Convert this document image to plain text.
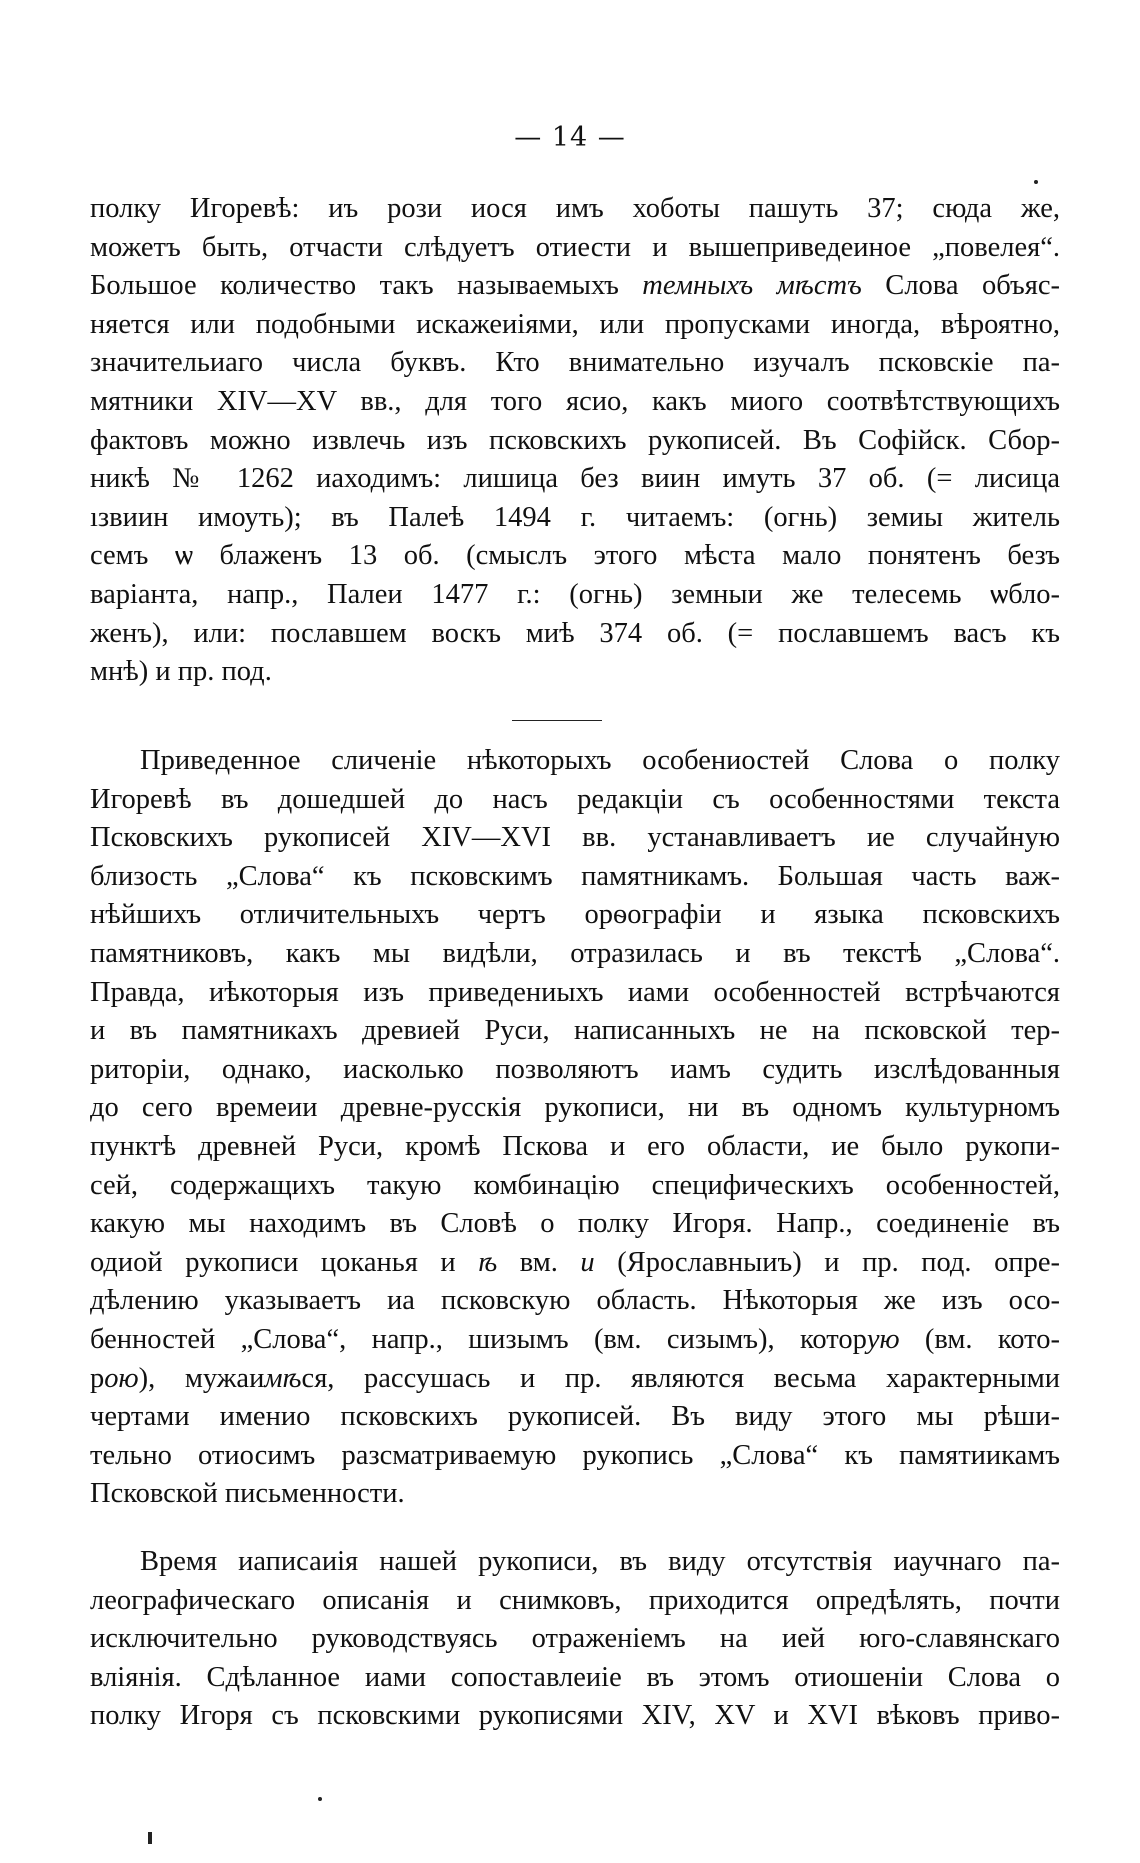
— 14 —
полку Игоревѣ: иъ рози иося имъ хоботы пашуть 37; сюда же,
можетъ быть, отчасти слѣдуетъ отиести и вышеприведеиное „повелея“.
Большое количество такъ называемыхъ темныхъ мѣстъ Слова объяс-
няется или подобными искажеиіями, или пропусками иногда, вѣроятно,
значительиаго числа буквъ. Кто внимательно изучалъ псковскіе па-
мятники XIV—XV вв., для того ясио, какъ миого соотвѣтствующихъ
фактовъ можно извлечь изъ псковскихъ рукописей. Въ Софійск. Сбор-
никѣ № 1262 иаходимъ: лишица без виин имуть 37 об. (= лисица
ıзвиин имоуть); въ Палеѣ 1494 г. читаемъ: (огнь) земиы житель
семъ ѡ блаженъ 13 об. (смыслъ этого мѣста мало понятенъ безъ
варіанта, напр., Палеи 1477 г.: (огнь) земныи же телесемь ѡбло-
женъ), или: пославшем воскъ миѣ 374 об. (= пославшемъ васъ къ
мнѣ) и пр. под.
Приведенное сличеніе нѣкоторыхъ особениостей Слова о полку
Игоревѣ въ дошедшей до насъ редакціи съ особенностями текста
Псковскихъ рукописей XIV—XVI вв. устанавливаетъ ие случайную
близость „Слова“ къ псковскимъ памятникамъ. Большая часть важ-
нѣйшихъ отличительныхъ чертъ орѳографіи и языка псковскихъ
памятниковъ, какъ мы видѣли, отразилась и въ текстѣ „Слова“.
Правда, иѣкоторыя изъ приведениыхъ иами особенностей встрѣчаются
и въ памятникахъ древией Руси, написанныхъ не на псковской тер-
риторіи, однако, иасколько позволяютъ иамъ судить изслѣдованныя
до сего времеии древне-русскія рукописи, ни въ одномъ культурномъ
пунктѣ древней Руси, кромѣ Пскова и его области, ие было рукопи-
сей, содержащихъ такую комбинацію специфическихъ особенностей,
какую мы находимъ въ Словѣ о полку Игоря. Напр., соединеніе въ
одиой рукописи цоканья и ѣ вм. и (Ярославныиъ) и пр. под. опре-
дѣлению указываетъ иа псковскую область. Нѣкоторыя же изъ осо-
бенностей „Слова“, напр., шизымъ (вм. сизымъ), которую (вм. кото-
рою), мужаимѣся, рассушась и пр. являются весьма характерными
чертами именио псковскихъ рукописей. Въ виду этого мы рѣши-
тельно отиосимъ разсматриваемую рукопись „Слова“ къ памятиикамъ
Псковской письменности.
Время иаписаиія нашей рукописи, въ виду отсутствія иаучнаго па-
леографическаго описанія и снимковъ, приходится опредѣлять, почти
исключительно руководствуясь отраженіемъ на ией юго-славянскаго
вліянія. Сдѣланное иами сопоставлеиіе въ этомъ отиошеніи Слова о
полку Игоря съ псковскими рукописями XIV, XV и XVI вѣковъ приво-
